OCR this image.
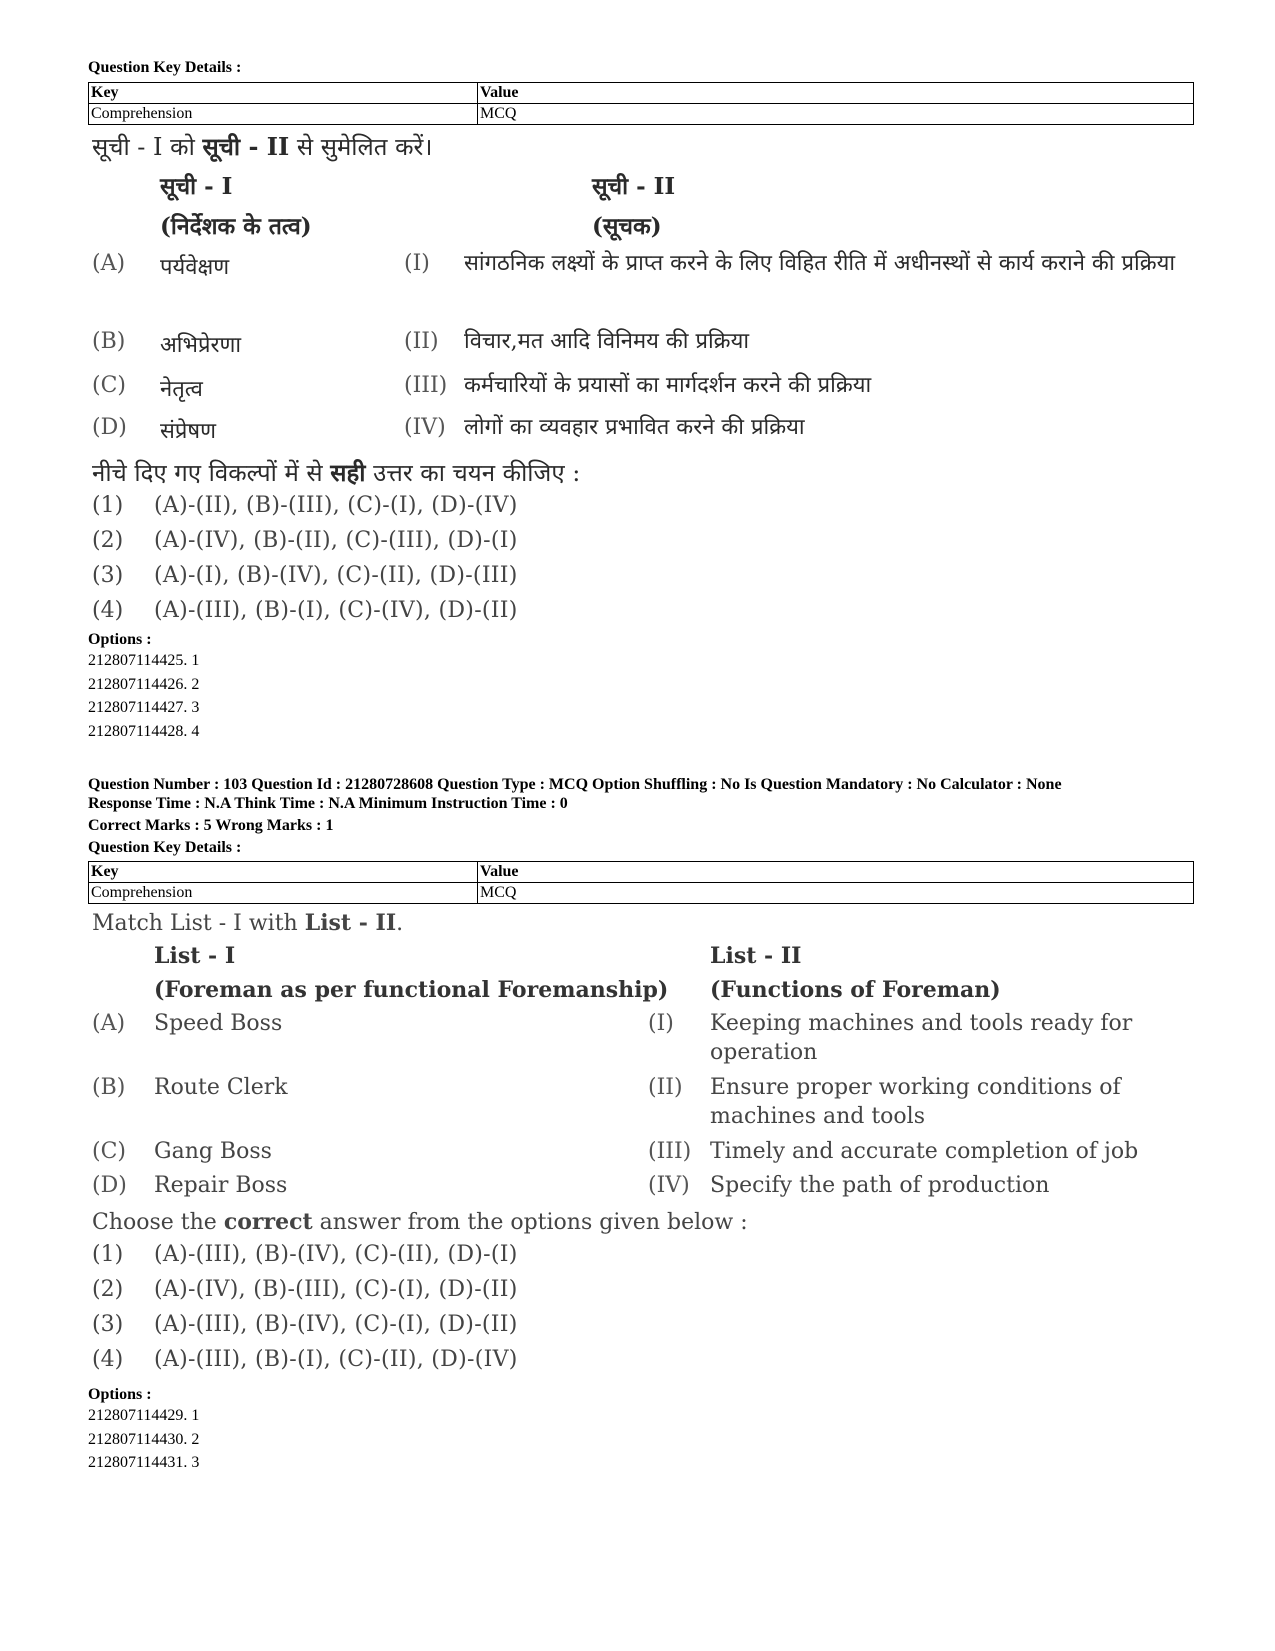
Question Key Details :
Key	Value
Comprehension	MCQ
सूची - I को सूची - II से सुमेलित करें।
सूची - I	सूची - II
(निर्देशक के तत्व)	(सूचक)
(A) पर्यवेक्षण	(I) सांगठनिक लक्ष्यों के प्राप्त करने के लिए विहित रीति में अधीनस्थों से कार्य कराने की प्रक्रिया
(B) अभिप्रेरणा	(II) विचार,मत आदि विनिमय की प्रक्रिया
(C) नेतृत्व	(III) कर्मचारियों के प्रयासों का मार्गदर्शन करने की प्रक्रिया
(D) संप्रेषण	(IV) लोगों का व्यवहार प्रभावित करने की प्रक्रिया
नीचे दिए गए विकल्पों में से सही उत्तर का चयन कीजिए :
(1) (A)-(II), (B)-(III), (C)-(I), (D)-(IV)
(2) (A)-(IV), (B)-(II), (C)-(III), (D)-(I)
(3) (A)-(I), (B)-(IV), (C)-(II), (D)-(III)
(4) (A)-(III), (B)-(I), (C)-(IV), (D)-(II)
Options :
212807114425. 1
212807114426. 2
212807114427. 3
212807114428. 4
Question Number : 103 Question Id : 21280728608 Question Type : MCQ Option Shuffling : No Is Question Mandatory : No Calculator : None
Response Time : N.A Think Time : N.A Minimum Instruction Time : 0
Correct Marks : 5 Wrong Marks : 1
Question Key Details :
Key	Value
Comprehension	MCQ
Match List - I with List - II.
List - I	List - II
(Foreman as per functional Foremanship) (Functions of Foreman)
(A) Speed Boss	(I) Keeping machines and tools ready for operation
(B) Route Clerk	(II) Ensure proper working conditions of machines and tools
(C) Gang Boss	(III) Timely and accurate completion of job
(D) Repair Boss	(IV) Specify the path of production
Choose the correct answer from the options given below :
(1) (A)-(III), (B)-(IV), (C)-(II), (D)-(I)
(2) (A)-(IV), (B)-(III), (C)-(I), (D)-(II)
(3) (A)-(III), (B)-(IV), (C)-(I), (D)-(II)
(4) (A)-(III), (B)-(I), (C)-(II), (D)-(IV)
Options :
212807114429. 1
212807114430. 2
212807114431. 3
